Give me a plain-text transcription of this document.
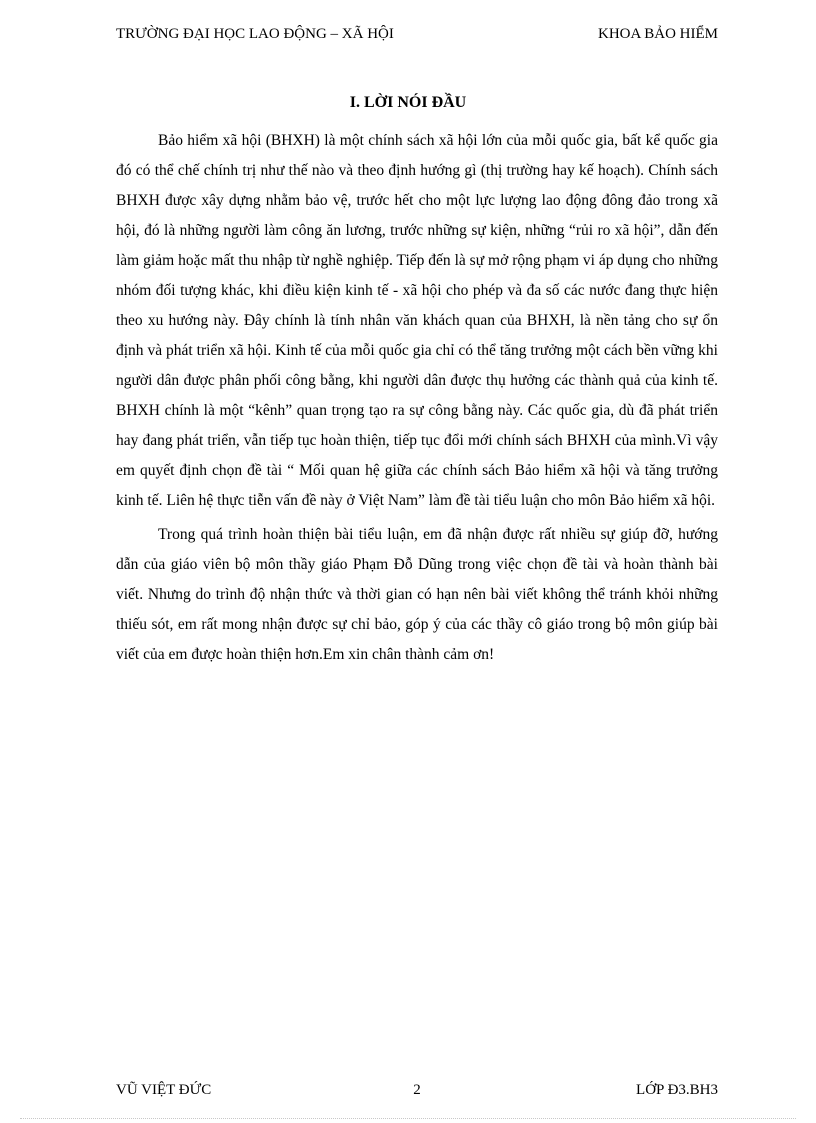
TRƯỜNG ĐẠI HỌC LAO ĐỘNG – XÃ HỘI	KHOA BẢO HIỂM
I. LỜI NÓI ĐẦU

Bảo hiểm xã hội (BHXH) là một chính sách xã hội lớn của mỗi quốc gia, bất kể quốc gia đó có thể chế chính trị như thế nào và theo định hướng gì (thị trường hay kế hoạch). Chính sách BHXH được xây dựng nhằm bảo vệ, trước hết cho một lực lượng lao động đông đảo trong xã hội, đó là những người làm công ăn lương, trước những sự kiện, những “rủi ro xã hội”, dẫn đến làm giảm hoặc mất thu nhập từ nghề nghiệp. Tiếp đến là sự mở rộng phạm vi áp dụng cho những nhóm đối tượng khác, khi điều kiện kinh tế - xã hội cho phép và đa số các nước đang thực hiện theo xu hướng này. Đây chính là tính nhân văn khách quan của BHXH, là nền tảng cho sự ổn định và phát triển xã hội. Kinh tế của mỗi quốc gia chỉ có thể tăng trưởng một cách bền vững khi người dân được phân phối công bằng, khi người dân được thụ hưởng các thành quả của kinh tế. BHXH chính là một “kênh” quan trọng tạo ra sự công bằng này. Các quốc gia, dù đã phát triển hay đang phát triển, vẫn tiếp tục hoàn thiện, tiếp tục đổi mới chính sách BHXH của mình.Vì vậy em quyết định chọn đề tài “ Mối quan hệ giữa các chính sách Bảo hiểm xã hội và tăng trưởng kinh tế. Liên hệ thực tiễn vấn đề này ở Việt Nam” làm đề tài tiểu luận cho môn Bảo hiểm xã hội.

Trong quá trình hoàn thiện bài tiểu luận, em đã nhận được rất nhiều sự giúp đỡ, hướng dẫn của giáo viên bộ môn thầy giáo Phạm Đỗ Dũng trong việc chọn đề tài và hoàn thành bài viết. Nhưng do trình độ nhận thức và thời gian có hạn nên bài viết không thể tránh khỏi những thiếu sót, em rất mong nhận được sự chỉ bảo, góp ý của các thầy cô giáo trong bộ môn giúp bài viết của em được hoàn thiện hơn.Em xin chân thành cảm ơn!

VŨ VIỆT ĐỨC	2	LỚP Đ3.BH3
